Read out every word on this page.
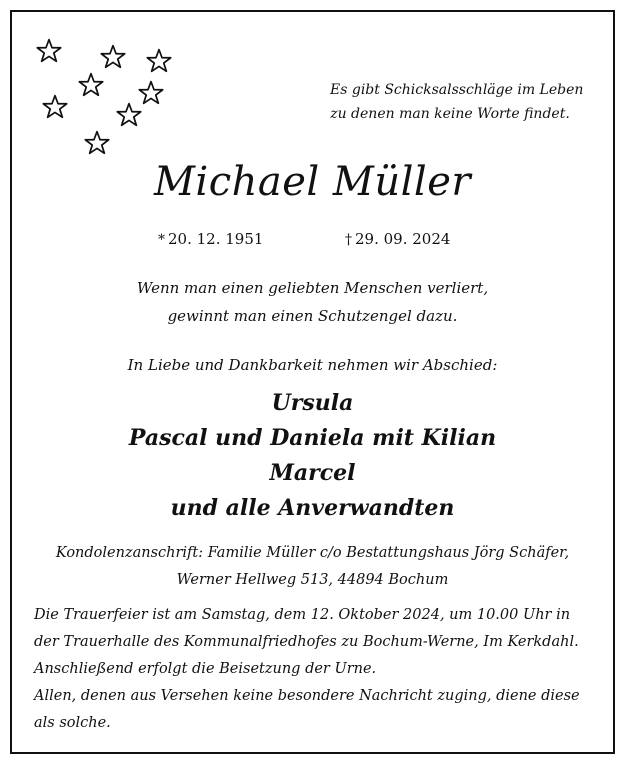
Es gibt Schicksalsschläge im Leben
zu denen man keine Worte findet.
Michael Müller
* 20. 12. 1951	† 29. 09. 2024
Wenn man einen geliebten Menschen verliert,
gewinnt man einen Schutzengel dazu.
In Liebe und Dankbarkeit nehmen wir Abschied:
Ursula
Pascal und Daniela mit Kilian
Marcel
und alle Anverwandten
Kondolenzanschrift: Familie Müller c/o Bestattungshaus Jörg Schäfer,
Werner Hellweg 513, 44894 Bochum
Die Trauerfeier ist am Samstag, dem 12. Oktober 2024, um 10.00 Uhr in
der Trauerhalle des Kommunalfriedhofes zu Bochum-Werne, Im Kerkdahl.
Anschließend erfolgt die Beisetzung der Urne.
Allen, denen aus Versehen keine besondere Nachricht zuging, diene diese
als solche.
